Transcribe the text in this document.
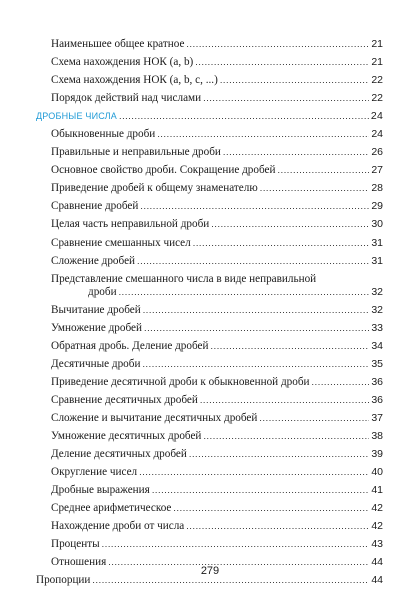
Наименьшее общее кратное .....	21
Схема нахождения НОК (a, b) .....	21
Схема нахождения НОК (a, b, c, ...) .....	22
Порядок действий над числами .....	22
ДРОБНЫЕ ЧИСЛА .....	24
Обыкновенные дроби .....	24
Правильные и неправильные дроби .....	26
Основное свойство дроби. Сокращение дробей .....	27
Приведение дробей к общему знаменателю .....	28
Сравнение дробей .....	29
Целая часть неправильной дроби .....	30
Сравнение смешанных чисел .....	31
Сложение дробей .....	31
Представление смешанного числа в виде неправильной
дроби .....	32
Вычитание дробей .....	32
Умножение дробей .....	33
Обратная дробь. Деление дробей .....	34
Десятичные дроби .....	35
Приведение десятичной дроби к обыкновенной дроби .....	36
Сравнение десятичных дробей .....	36
Сложение и вычитание десятичных дробей .....	37
Умножение десятичных дробей .....	38
Деление десятичных дробей .....	39
Округление чисел .....	40
Дробные выражения .....	41
Среднее арифметическое .....	42
Нахождение дроби от числа .....	42
Проценты .....	43
Отношения .....	44
Пропорции .....	44
279
